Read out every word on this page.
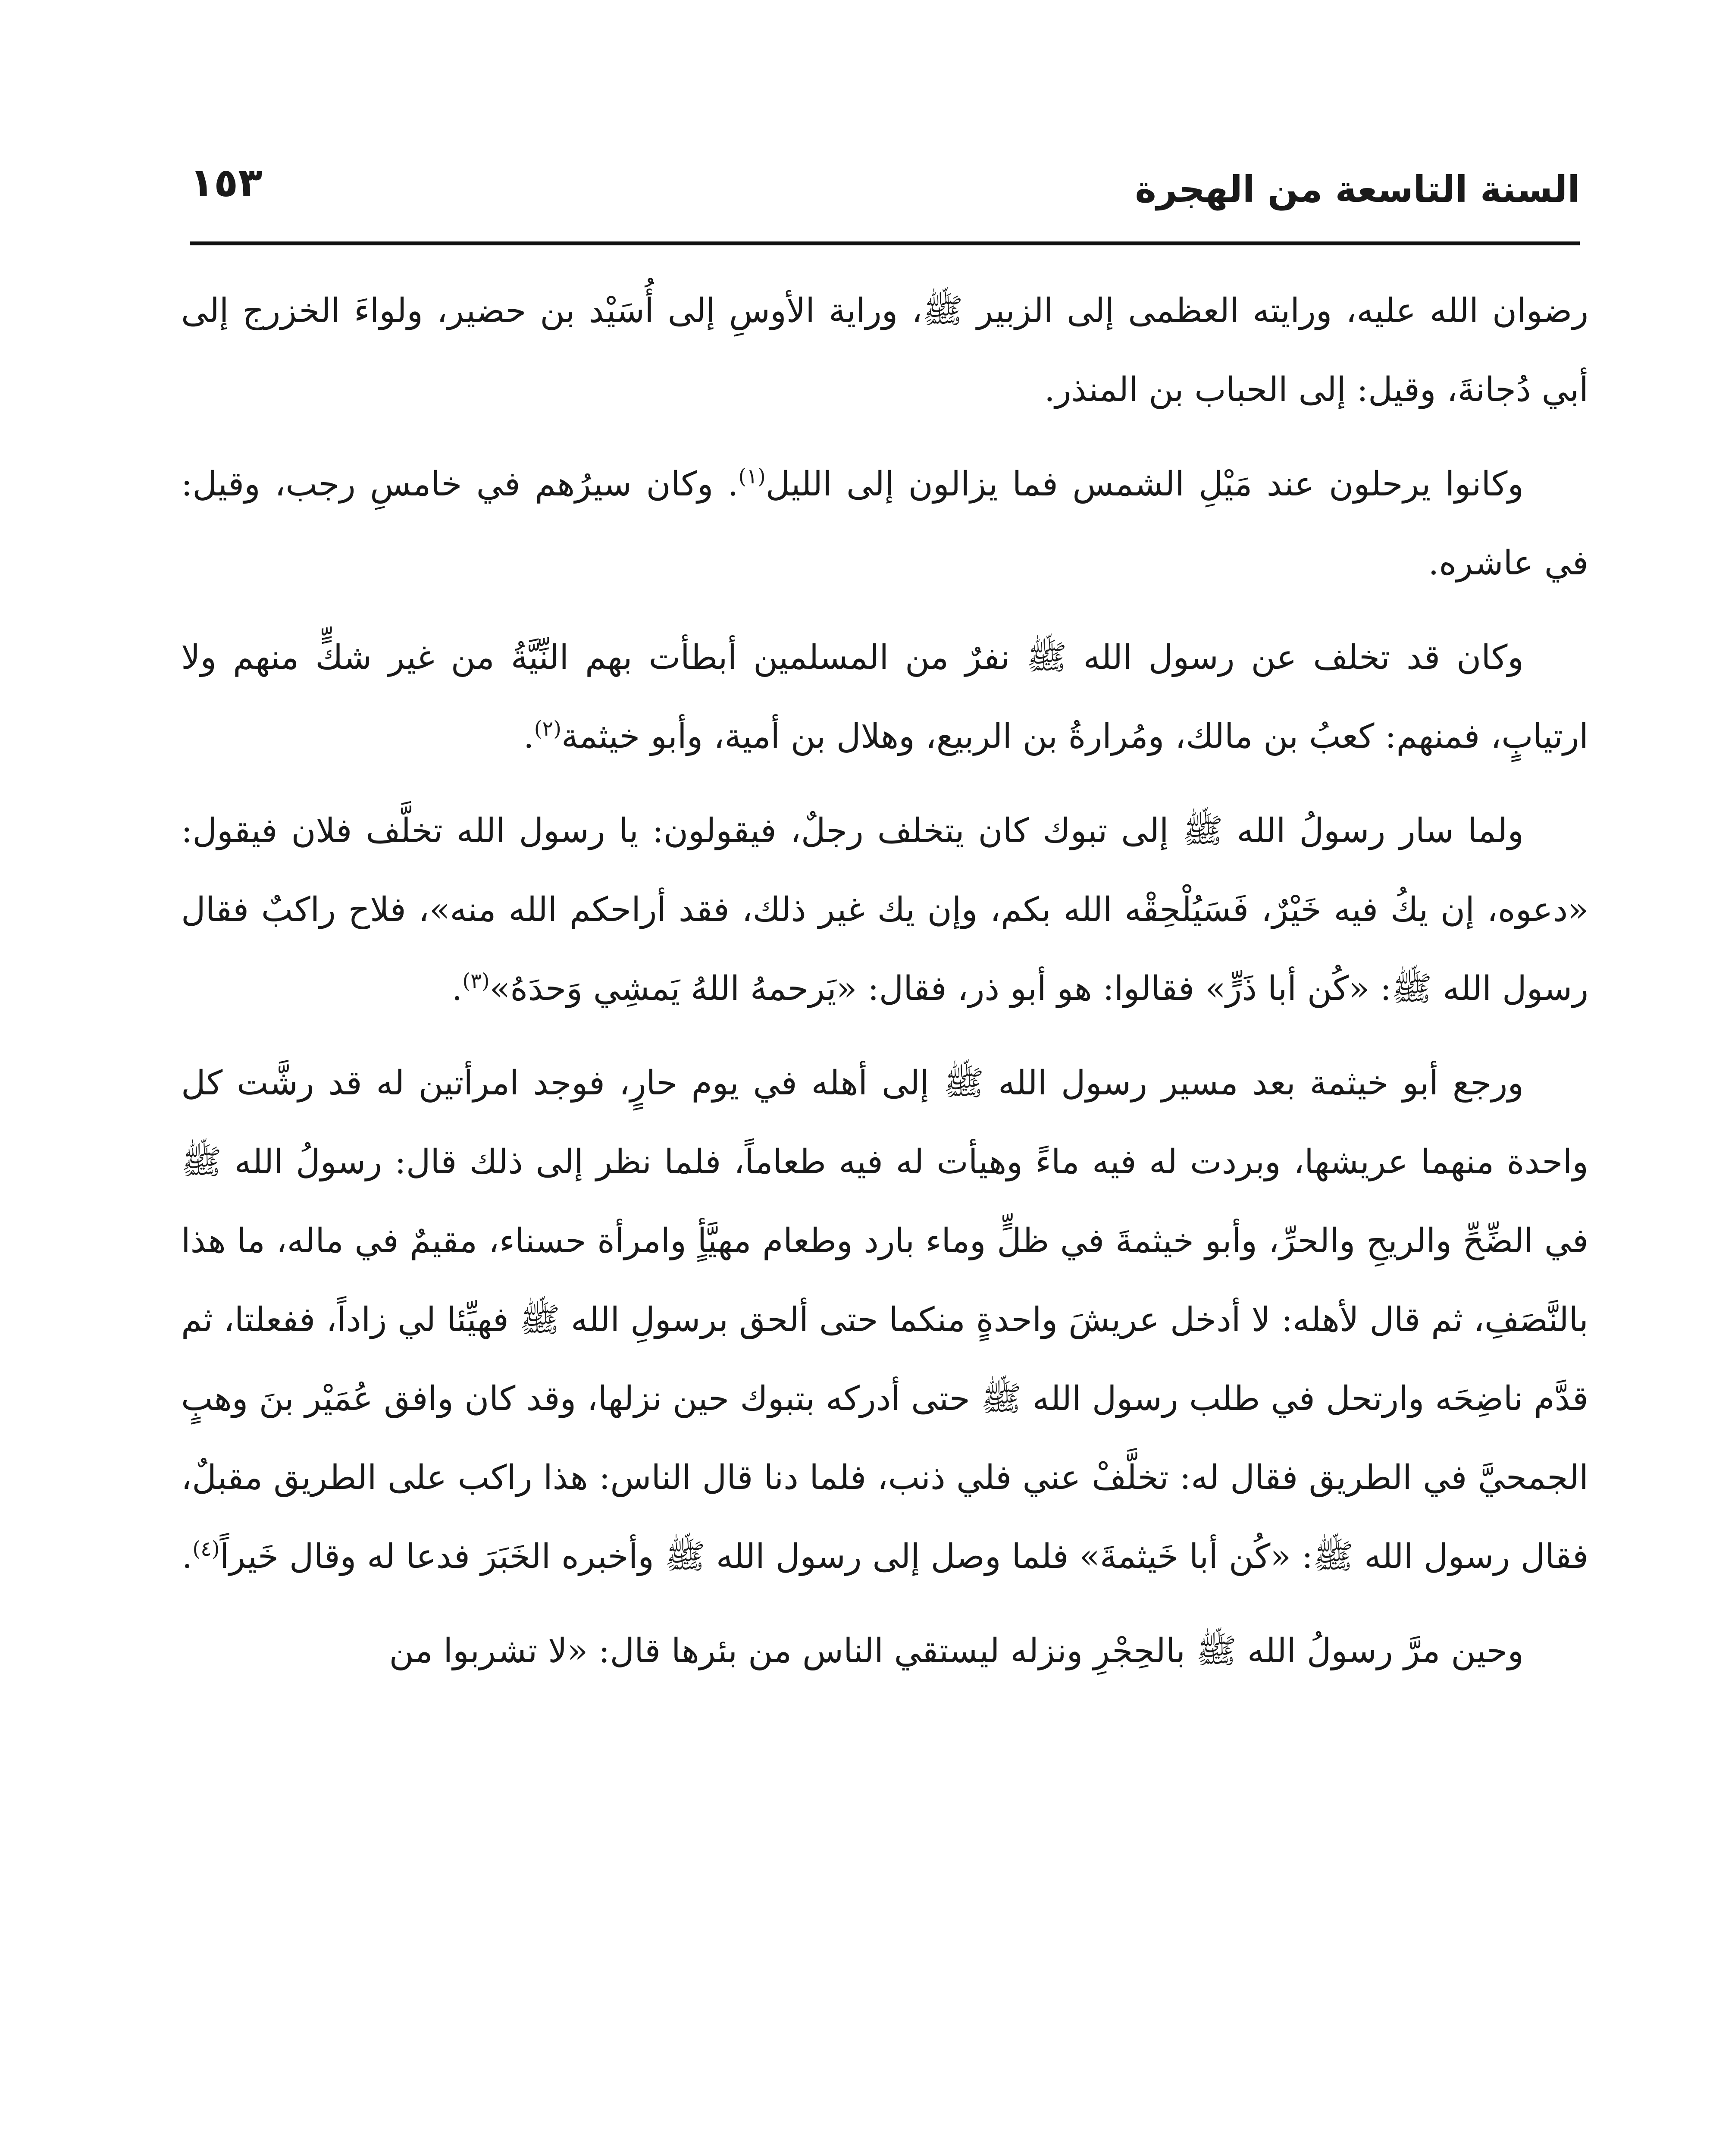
السنة التاسعة من الهجرة
١٥٣

رضوان الله عليه، ورايته العظمى إلى الزبير ﷺ، وراية الأوسِ إلى أُسَيْد بن حضير، ولواءَ الخزرج إلى أبي دُجانةَ، وقيل: إلى الحباب بن المنذر.

وكانوا يرحلون عند مَيْلِ الشمس فما يزالون إلى الليل$^{(١)}$. وكان سيرُهم في خامسِ رجب، وقيل: في عاشره.

وكان قد تخلف عن رسول الله ﷺ نفرٌ من المسلمين أبطأت بهم النِّيَّةُ من غير شكٍّ منهم ولا ارتيابٍ، فمنهم: كعبُ بن مالك، ومُرارةُ بن الربيع، وهلال بن أمية، وأبو خيثمة$^{(٢)}$.

ولما سار رسولُ الله ﷺ إلى تبوك كان يتخلف رجلٌ، فيقولون: يا رسول الله تخلَّف فلان فيقول: «دعوه، إن يكُ فيه خَيْرٌ، فَسَيُلْحِقْه الله بكم، وإن يك غير ذلك، فقد أراحكم الله منه»، فلاح راكبٌ فقال رسول الله ﷺ: «كُن أبا ذَرٍّ» فقالوا: هو أبو ذر، فقال: «يَرحمهُ اللهُ يَمشِي وَحدَهُ»$^{(٣)}$.

ورجع أبو خيثمة بعد مسير رسول الله ﷺ إلى أهله في يوم حارٍ، فوجد امرأتين له قد رشَّت كل واحدة منهما عريشها، وبردت له فيه ماءً وهيأت له فيه طعاماً، فلما نظر إلى ذلك قال: رسولُ الله ﷺ في الضِّحِّ والريحِ والحرِّ، وأبو خيثمةَ في ظلٍّ وماء بارد وطعام مهيَّأٍ وامرأة حسناء، مقيمٌ في ماله، ما هذا بالنَّصَفِ، ثم قال لأهله: لا أدخل عريشَ واحدةٍ منكما حتى ألحق برسولِ الله ﷺ فهيِّئا لي زاداً، ففعلتا، ثم قدَّم ناضِحَه وارتحل في طلب رسول الله ﷺ حتى أدركه بتبوك حين نزلها، وقد كان وافق عُمَيْر بنَ وهبٍ الجمحيَّ في الطريق فقال له: تخلَّفْ عني فلي ذنب، فلما دنا قال الناس: هذا راكب على الطريق مقبلٌ، فقال رسول الله ﷺ: «كُن أبا خَيثمةَ» فلما وصل إلى رسول الله ﷺ وأخبره الخَبَرَ فدعا له وقال خَيراً$^{(٤)}$.

وحين مرَّ رسولُ الله ﷺ بالحِجْرِ ونزله ليستقي الناس من بئرها قال: «لا تشربوا من
